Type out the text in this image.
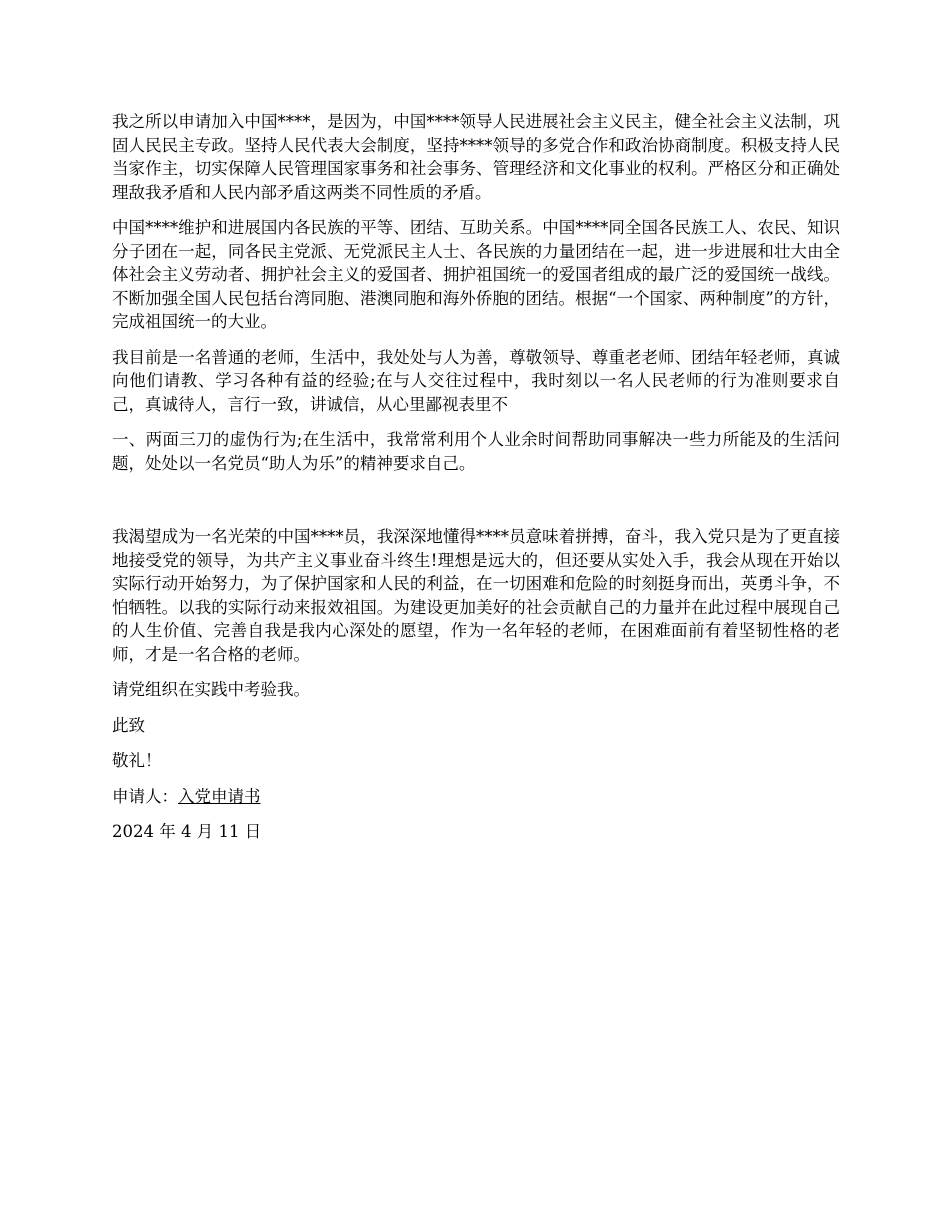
我之所以申请加入中国****，是因为，中国****领导人民进展社会主义民主，健全社会主义法制，巩固人民民主专政。坚持人民代表大会制度，坚持****领导的多党合作和政治协商制度。积极支持人民当家作主，切实保障人民管理国家事务和社会事务、管理经济和文化事业的权利。严格区分和正确处理敌我矛盾和人民内部矛盾这两类不同性质的矛盾。

中国****维护和进展国内各民族的平等、团结、互助关系。中国****同全国各民族工人、农民、知识分子团在一起，同各民主党派、无党派民主人士、各民族的力量团结在一起，进一步进展和壮大由全体社会主义劳动者、拥护社会主义的爱国者、拥护祖国统一的爱国者组成的最广泛的爱国统一战线。不断加强全国人民包括台湾同胞、港澳同胞和海外侨胞的团结。根据“一个国家、两种制度”的方针，完成祖国统一的大业。

我目前是一名普通的老师，生活中，我处处与人为善，尊敬领导、尊重老老师、团结年轻老师，真诚向他们请教、学习各种有益的经验;在与人交往过程中，我时刻以一名人民老师的行为准则要求自己，真诚待人，言行一致，讲诚信，从心里鄙视表里不

一、两面三刀的虚伪行为;在生活中，我常常利用个人业余时间帮助同事解决一些力所能及的生活问题，处处以一名党员“助人为乐”的精神要求自己。

我渴望成为一名光荣的中国****员，我深深地懂得****员意味着拼搏，奋斗，我入党只是为了更直接地接受党的领导，为共产主义事业奋斗终生!理想是远大的，但还要从实处入手，我会从现在开始以实际行动开始努力，为了保护国家和人民的利益，在一切困难和危险的时刻挺身而出，英勇斗争，不怕牺牲。以我的实际行动来报效祖国。为建设更加美好的社会贡献自己的力量并在此过程中展现自己的人生价值、完善自我是我内心深处的愿望，作为一名年轻的老师，在困难面前有着坚韧性格的老师，才是一名合格的老师。

请党组织在实践中考验我。

此致

敬礼！

申请人：入党申请书

2024 年 4 月 11 日
